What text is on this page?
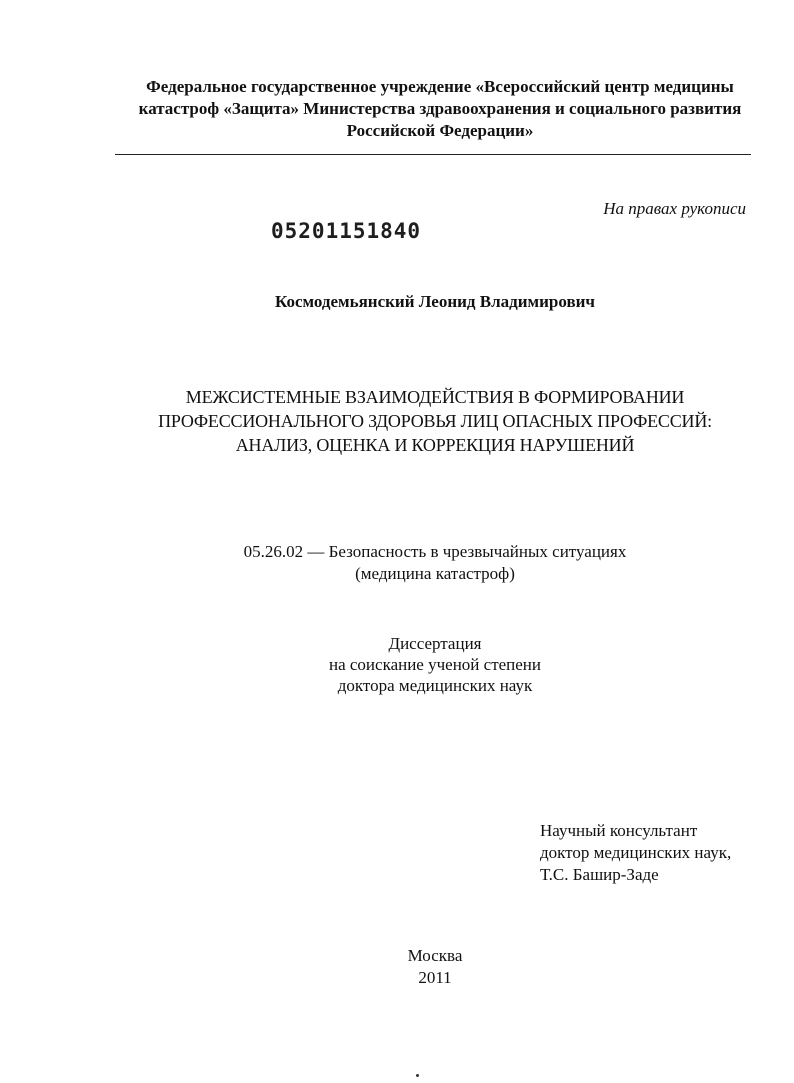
Федеральное государственное учреждение «Всероссийский центр медицины
катастроф «Защита» Министерства здравоохранения и социального развития
Российской Федерации»
На правах рукописи
05201151840
Космодемьянский Леонид Владимирович
МЕЖСИСТЕМНЫЕ ВЗАИМОДЕЙСТВИЯ В ФОРМИРОВАНИИ
ПРОФЕССИОНАЛЬНОГО ЗДОРОВЬЯ ЛИЦ ОПАСНЫХ ПРОФЕССИЙ:
АНАЛИЗ, ОЦЕНКА И КОРРЕКЦИЯ НАРУШЕНИЙ
05.26.02 — Безопасность в чрезвычайных ситуациях
(медицина катастроф)
Диссертация
на соискание ученой степени
доктора медицинских наук
Научный консультант
доктор медицинских наук,
Т.С. Башир-Заде
Москва
2011
